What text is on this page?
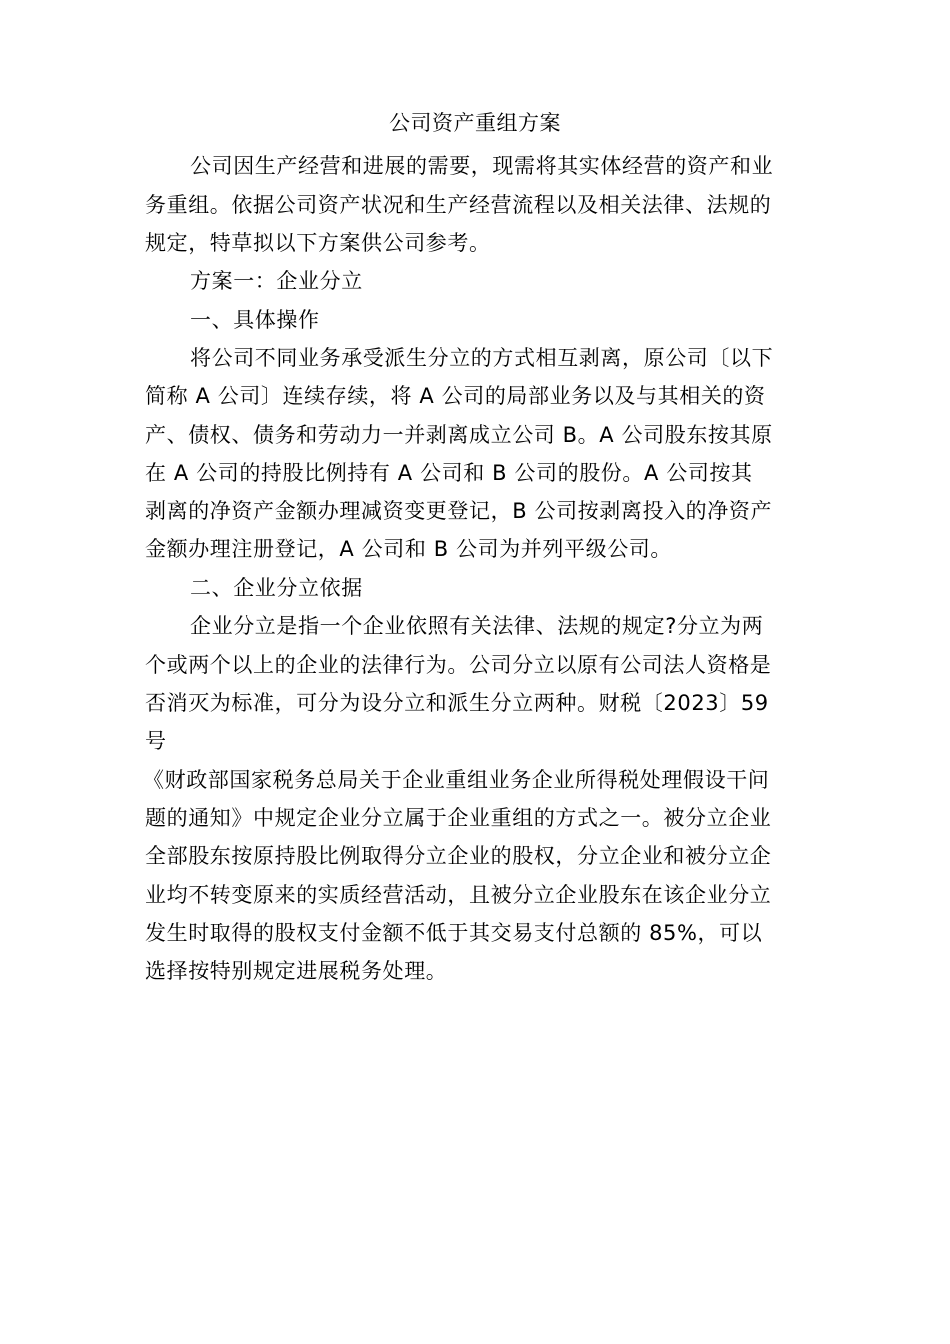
公司资产重组方案
公司因生产经营和进展的需要，现需将其实体经营的资产和业
务重组。依据公司资产状况和生产经营流程以及相关法律、法规的
规定，特草拟以下方案供公司参考。
方案一：企业分立
一、具体操作
将公司不同业务承受派生分立的方式相互剥离，原公司〔以下
简称 A 公司〕连续存续，将 A 公司的局部业务以及与其相关的资
产、债权、债务和劳动力一并剥离成立公司 B。A 公司股东按其原
在 A 公司的持股比例持有 A 公司和 B 公司的股份。A 公司按其
剥离的净资产金额办理减资变更登记，B 公司按剥离投入的净资产
金额办理注册登记，A 公司和 B 公司为并列平级公司。
二、企业分立依据
企业分立是指一个企业依照有关法律、法规的规定?分立为两
个或两个以上的企业的法律行为。公司分立以原有公司法人资格是
否消灭为标准，可分为设分立和派生分立两种。财税〔2023〕59
号
《财政部国家税务总局关于企业重组业务企业所得税处理假设干问
题的通知》中规定企业分立属于企业重组的方式之一。被分立企业
全部股东按原持股比例取得分立企业的股权，分立企业和被分立企
业均不转变原来的实质经营活动，且被分立企业股东在该企业分立
发生时取得的股权支付金额不低于其交易支付总额的 85%，可以
选择按特别规定进展税务处理。
